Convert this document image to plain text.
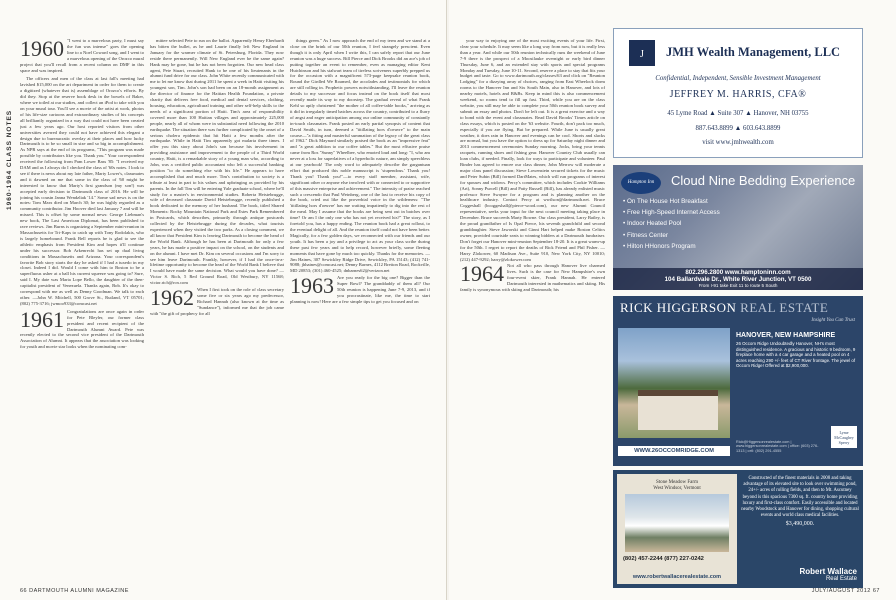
1960-1964 CLASS NOTES
1960 "I went to a marvelous party, I must say the fun was intense" goes the opening line to a Noel Coward song, and I went to a marvelous opening of the Orozco mural project that you'll recall from a recent column on DMF in this space and was inspired.

The officers and men of the class at last fall's meeting had lavished $15,000 on the art department in order for them to create a digitized (whatever that is) assemblage of Orozco's efforts. By did they. Stop at the reserve book desk in the bowels of Baker, where we toiled at our studies, and collect an iPod to take with you on your mural tour. You'll see a movie of the artist at work, photos of his life-size cartoons and extraordinary studies of his concepts all brilliantly organized in a way that could not have been created just a few years ago. Our host reported visitors from other universities averred they could not have achieved this elegant a design due to bureaucratic overlay at their places and how lucky Dartmouth is to be so small in size and so big in accomplishment. As NPR says at the end of its programs, "This program was made possible by contributors like you. Thank you." Your correspondent received the following from Pam Lower Bass '85: "I received my DAM and as I always do I checked the class of '60s notes. I look to see if there is news about my late father, Marty Lower's, classmates and it dawned on me that some in the class of '60 might be interested to know that Marty's first grandson (my son!) was accepted early decision to Dartmouth class of 2016. He will be joining his cousin Janna Wendzliak '14." Some sad news is on the notes: Tom Marx died on March 30; he was highly regarded as a community contributor. Jim Hoover died last January 7 and will be missed. This is offset by some normal news: George Liebman's new book, The Last American Diplomat, has been published to rave reviews. Jim Burns is organizing a September mini-reunion in Massachusetts for Tri-Kaps to catch up with Tony Rodolakis, who is largely homebound. Frank Bell reports he is glad to see the athletic emphasis from President Kim and hopes it'll continue under his successor. Bob Arkenrecht has set up dual living conditions in Massachusetts and Arizona. Your correspondent's favorite Bob story starts the day he asked if I had a tuxedo in my closet. Indeed I did. Would I come with him to Boston to be a superfluous usher at a ball his current squeeze was going to? Sure, said I. My date was Maria Lope Bello, the daughter of the then-capitalist president of Venezuela. Thanks again, Bob. It's okay to correspond with me as well as Denny Goodman. We talk to each other. —John W. Mitchell, 500 Grove St., Rutland, VT 05701; (802) 775-3716; jwmoo933@comcast.net

1961 Congratulations are once again in order for Pete Bleyler, our former class president and recent recipient of the Dartmouth Alumni Award. Pete was recently elected to the second vice president of the Dartmouth Association of Alumni. It appears that the association was looking for youth and movie star looks when the nominating com-

mittee selected Pete to run on the ballot. Apparently Henry Eberhardt has bitten the bullet, as he and Laurie finally left New England in January for the warmer climate of St. Petersburg, Florida. They now reside there permanently. Will New England ever be the same again? Hank may be gone, but he has not been forgotten. Our new head class agent, Pete Stuart, recruited Hank to be one of his lieutenants in the alumni fund drive for our class. John White recently communicated with me to let me know that during 2011 he spent a week in Haiti visiting his youngest son, Tim. John's son had been on an 18-month assignment as the director of finance for the Haitian Health Foundation, a private charity that delivers free food, medical and dental services, clothing, housing, education, agricultural training and other self-help skills to the needs of a significant portion of Haiti. Tim's area of responsibility covered more than 100 Haitian villages and approximately 225,000 people, nearly all of whom were in substantial need following the 2010 earthquake. The situation there was further complicated by the onset of a serious cholera epidemic that hit Haiti a few months after the earthquake. While in Haiti Tim apparently got malaria three times. I offer you this story about John's son because his involvement in providing assistance and improvement to the people of a Third World country, Haiti, is a remarkable story of a young man who, according to John, was a certified public accountant who left a successful banking position "to do something else with his life." He appears to have accomplished that and much more. Tim's contribution to society is a tribute at least in part to his values and upbringing as provided by his parents. In the fall Tim will be entering Yale graduate school, where he'll study for a master's in environmental studies. Roberta Heistebrugge, wife of deceased classmate David Heistebrugge, recently published a book dedicated to the memory of her husband. The book, titled Shared Moments: Rocky Mountain National Park and Estes Park Remembered in Postcards, which describes, primarily through antique postcards collected by the Heistebrugge during the decades, what tourists experienced when they visited the two parks. As a closing comment, we all know that President Kim is leaving Dartmouth to become the head of the World Bank. Although he has been at Dartmouth for only a few years, he has made a positive impact on the school, on the students and on the alumni. I have met Dr. Kim on several occasions and I'm sorry to see him leave Dartmouth. Frankly, however, if I had the once-in-a-lifetime opportunity to become the head of the World Bank I believe that I would have made the same decision. What would you have done? —Victor S. Rich, 5 Red Ground Road, Old Westbury, NY 11568; victor.rich@rcn.com

1962 When I first took on the role of class secretary some five or six years ago my predecessor, Richard Hannah (also known at the time as "Sundance"), informed me that the job came with "the gift of prophecy for all

things green." As I now approach the end of my term and we stand at a close on the brink of our 50th reunion, I feel strangely prescient. Even though it is only April when I write this, I can safely report that our June reunion was a huge success. Bill Pierce and Dick Brooks did an ace's job of putting together an event to remember, even as managing editor Kent Hutchinson and his stalwart team of tireless scriveners superbly prepped us for the occasion with a magnificent 573-page keepsake reunion book, Round the Girdled We Roamed, the accolades and testimonials for which are still rolling in. Prophetic powers notwithstanding, I'll leave the reunion details to my successor and focus instead on the book itself that most recently made its way to my doorstep. The gradual reveal of what Frank Kehl so aptly christened "the mother of all coffee-table books," arriving as it did in irregularly timed batches across the country, contributed to a flurry of angst and eager anticipation among our online community of constantly in-touch classmates. Frank posted an early partial synopsis of content that David Smith, in turn, deemed a "titillating hors d'oeuvre" to the main course—"a fitting and masterful summation of the legacy of the great class of 1962." Dick Maynard similarly praised the book as an "impressive feat" and "a great addition to our coffee tables." But the most effusive praise came from Ros "Sunny" Wheelbee, who emoted loud and long: "I, who am never at a loss for superlatives of a hyperbolic nature, am simply speechless at our yearbook! The only word to adequately describe the gargantuan effort that produced this noble manuscript is 'stupendous.' Thank you! Thank you! Thank you!"—to every staff member, assistant, wife, significant other or anyone else involved with or connected to or supportive of this massive enterprise and achievement." The intensity of praise reached such a crescendo that Paul Weinberg, one of the last to receive his copy of the book, cried out like the proverbial voice in the wilderness: "The 'titillating hors d'oeuvre' has me waiting impatiently to dig into the rest of the meal. May I assume that the books are being sent out in batches over time? Or am I the only one who has not yet received his?" The story, as I foretold you, has a happy ending. The reunion book had a great rollout, to the eventual delight of all. And the reunion itself could not have been better. Magically, for a few golden days, we reconnected with our friends and our youth. It has been a joy and a privilege to act as your class scribe during these past few years and to help record, however briefly, some fleeting moments that have gone by much too quickly. Thanks for the memories. —Jim Haines, 307 Sewickley Ridge Drive, Sewickley, PA 15143; (412) 741-9088; jhhaines@comcast.net; Denny Barnes, 4112 Bretton Road, Rockville, MD 20853; (301) 460-4525; dnbarnes62@verizon.net

1963 Are you ready for the big one? Bigger than the Super Bowl? The granddaddy of them all? Our 50th reunion is happening June 7-9, 2013, and if you procrastinate, like me, the time to start planning is now! Here are a few simple tips to get you focused and on
66 DARTMOUTH ALUMNI MAGAZINE

your way to enjoying one of the most exciting events of your life. First, clear your schedule. It may seem like a long way from now, but it is really less than a year. And while our 50th reunion technically runs the weekend of June 7-9 there is the prospect of a Moosilauke overnight or early bird dinner Thursday, June 6, and an extended stay with sports and special programs Monday and Tuesday, June 10-11. Second, reserve a place to stay that fits your budget and taste. Go to www.dartmouth.org/classes/63 and click on "Reunion Lodging" for a dizzying array of choices, ranging from East Wheelock dorm rooms to the Hanover Inn and Six South Main, also in Hanover, and lots of nearby motels, hotels and B&Bs. Keep in mind this is also commencement weekend, so rooms tend to fill up fast. Third, while you are on the class website, you still may be able to complete your 50th reunion book survey and submit an essay and photos. Don't be left out. It is a great exercise and a way to bond with the event and classmates. Read David Brooks' Times article on class essays, which is posted on the '63 website. Fourth, don't pack too much, especially if you are flying. But be prepared. While June is usually great weather, it does rain in Hanover and evenings can be cool. Shorts and slacks are normal, but you have the option to dress up for Saturday night dinner and 2013 commencement ceremonies Sunday morning. Jocks, bring your tennis racquets, running shoes and fishing gear. Hanover Country Club usually can loan clubs, if needed. Finally, look for ways to participate and volunteer. Paul Binder has agreed to emcee our class dinner, John Merrow will moderate a major class panel discussion; Steve Lowenstein secured tickets for the music and Peter Subin (Bill) formed DartMates, which will run programs of interest for spouses and widows. Percy's committee, which includes Cookie Williams (Art), Sonny Purcell (Bill) and Patty Russell (Bill), has already enlisted music professor Steve Swayne for a program and is planning another on the healthcare industry. Contact Percy at wwilson@dartmouth.net. Bruce Coggeshall (bcoggeshall@pierce-wood.com), our new Alumni Council representative, seeks your input for the next council meeting taking place in December. Bruce succeeds Marty Bowne. Our class president, Larry Bailey, is the proud grandfather of Is Opal Pierce, his seventh grandchild and second granddaughter. Steve Jaworski and Ginni Hart helped make Boston Celtics owner, provided courtside seats to winning bidders at a Dartmouth fundraiser. Don't forget our Hanover mini-reunion September 18-20. It is a great warm-up for the 50th. I regret to report the deaths of Rick Friend and Phil Fisher. —Harry Zlokower, 60 Madison Ave., Suite 910, New York City, NY 10010; (212) 447-9292; harry@zlokower.com

1964 Not all who pass through Hanover live charmed lives. Such is the case for New Hampshire's own four-event skier, Frank Hannah. He entered Dartmouth interested in mathematics and skiing. His family is synonymous with skiing and Dartmouth; his
JULY/AUGUST 2012 67
J JMH Wealth Management, LLC
Confidential, Independent, Sensible Investment Management
JEFFREY M. HARRIS, CFA®
45 Lyme Road ▲ Suite 307 ▲ Hanover, NH 03755
887.643.8899 ▲ 603.643.8899
visit www.jmhwealth.com
Hampton Inn	Cloud Nine Bedding Experience
• On The House Hot Breakfast
• Free High-Speed Internet Access
• Indoor Heated Pool
• Fitness Center
• Hilton HHonors Program
802.296.2800 www.hamptoninn.com
104 Ballardvale Dr., White River Junction, VT 0500
From I-91 take Exit 11 to route 5 South
RICK HIGGERSON REAL ESTATE
Insight You Can Trust
HANOVER, NEW HAMPSHIRE
26 Occom Ridge Undoubtedly Hanover, NH's most distinguished residence. A gracious and historic 9 bedroom, 9 fireplace home with a 4 car garage and a heated pool on 4 acres reaching 290 +/- feet of CT River frontage. The jewel of Occom Ridge! Offered at $2,900,000.
WWW.26OCCOMRIDGE.COM
Rick@Higgersonrealestate.com | www.higgersonrealestate.com | office: (603) 276-1313 | cell: (802) 291-4555
Lyme McCaughey Sperry
Stone Meadow Farm
West Windsor, Vermont
(802) 457-2244 (877) 227-0242
www.robertwallacerealestate.com
Constructed of the finest materials in 2008 and taking advantage of its elevated site to look over swimming pond, 24+/- acres of rolling fields, and then to Mt. Ascutney beyond is this spacious 7300 sq. ft. country home providing luxury and first-class comfort. Easily accessible and located nearby Woodstock and Hanover for dining, shopping cultural events and world class medical facilities.
$3,490,000.
Robert Wallace
Real Estate
